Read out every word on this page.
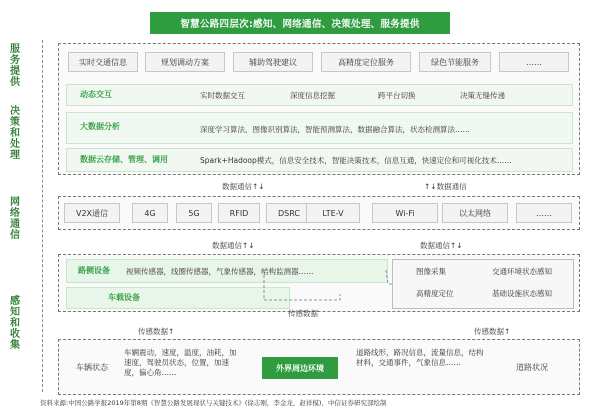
智慧公路四层次:感知、网络通信、决策处理、服务提供
服务提供
决策和处理
网络通信
感知和收集
实时交通信息	规划调动方案	辅助驾驶建议	高精度定位服务	绿色节能服务	……
动态交互	实时数据交互	深度信息挖掘	跨平台切换	决策无缝传递
大数据分析	深度学习算法，图像识别算法，智能预测算法，数据融合算法，状态检测算法……
数据云存储、管理、调用	Spark+Hadoop模式，信息安全技术，智能决策技术，信息互通，快速定位和可视化技术……
数据通信↑↓	↑↓数据通信
V2X通信	4G	5G	RFID	DSRC	LTE-V	Wi-Fi	以太网络	……
数据通信↑↓	数据通信↑↓
路侧设备 视频传感器，线圈传感器，气象传感器，结构监测器……
车载设备
图像采集	交通环境状态感知
高精度定位	基础设施状态感知
传感数据
传感数据↑	传感数据↑
车辆状态
车辆震动，速度，温度，油耗，加速度，驾驶员状态，位置，加速度，偏心角……	外界周边环境
道路线形，路况信息，流量信息，结构材料，交通事件，气象信息……
道路状况
资料来源:中国公路学报2019年第8期《智慧公路发展现状与关键技术》(徐志刚，李金龙，赵祥模)，中信证券研究部绘制
